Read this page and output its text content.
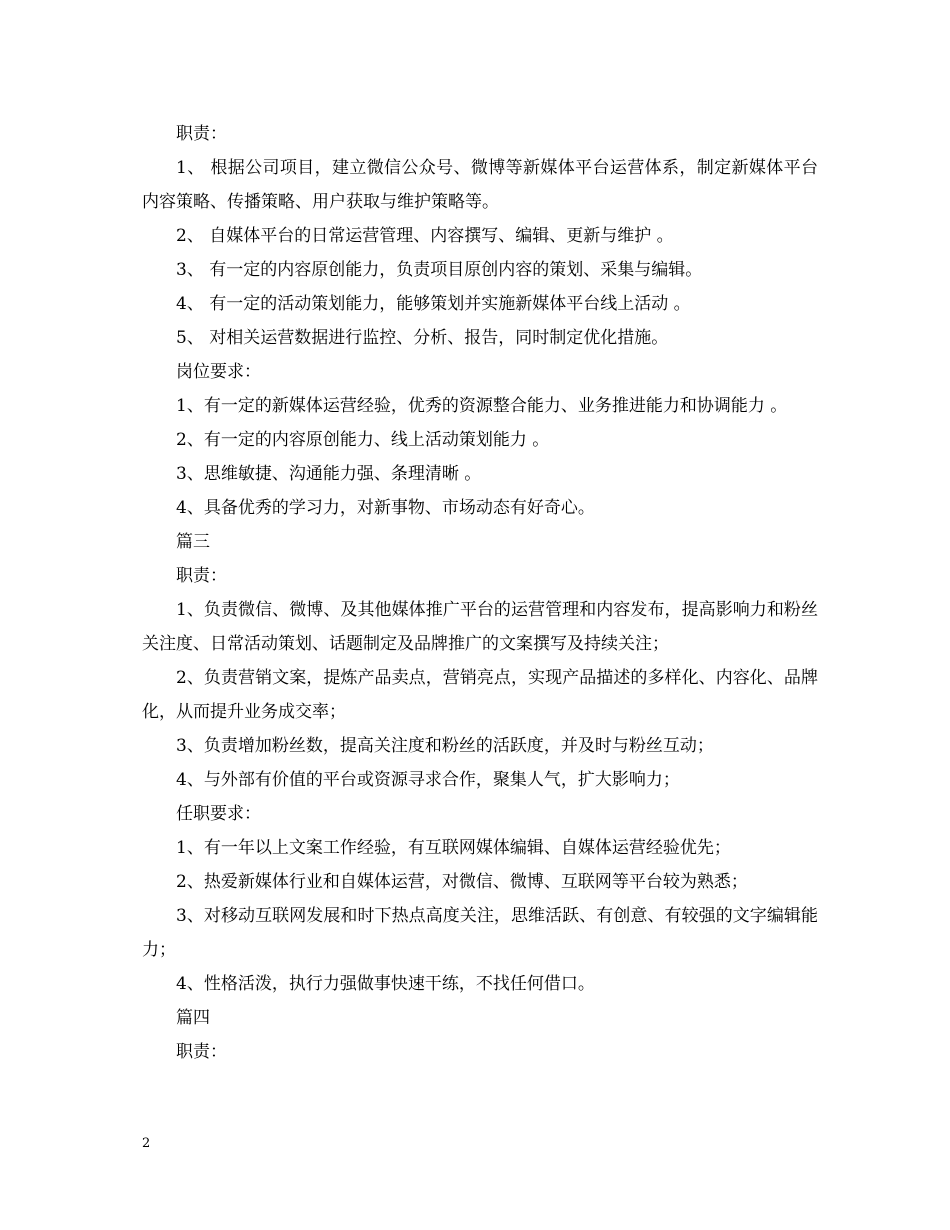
职责：

1、 根据公司项目，建立微信公众号、微博等新媒体平台运营体系，制定新媒体平台内容策略、传播策略、用户获取与维护策略等。

2、 自媒体平台的日常运营管理、内容撰写、编辑、更新与维护 。

3、 有一定的内容原创能力，负责项目原创内容的策划、采集与编辑。

4、 有一定的活动策划能力，能够策划并实施新媒体平台线上活动 。

5、 对相关运营数据进行监控、分析、报告，同时制定优化措施。

岗位要求：

1、有一定的新媒体运营经验，优秀的资源整合能力、业务推进能力和协调能力 。

2、有一定的内容原创能力、线上活动策划能力 。

3、思维敏捷、沟通能力强、条理清晰 。

4、具备优秀的学习力，对新事物、市场动态有好奇心。

篇三

职责：

1、负责微信、微博、及其他媒体推广平台的运营管理和内容发布，提高影响力和粉丝关注度、日常活动策划、话题制定及品牌推广的文案撰写及持续关注；

2、负责营销文案，提炼产品卖点，营销亮点，实现产品描述的多样化、内容化、品牌化，从而提升业务成交率；

3、负责增加粉丝数，提高关注度和粉丝的活跃度，并及时与粉丝互动；

4、与外部有价值的平台或资源寻求合作，聚集人气，扩大影响力；

任职要求：

1、有一年以上文案工作经验，有互联网媒体编辑、自媒体运营经验优先；

2、热爱新媒体行业和自媒体运营，对微信、微博、互联网等平台较为熟悉；

3、对移动互联网发展和时下热点高度关注，思维活跃、有创意、有较强的文字编辑能力；

4、性格活泼，执行力强做事快速干练，不找任何借口。

篇四

职责：

2
